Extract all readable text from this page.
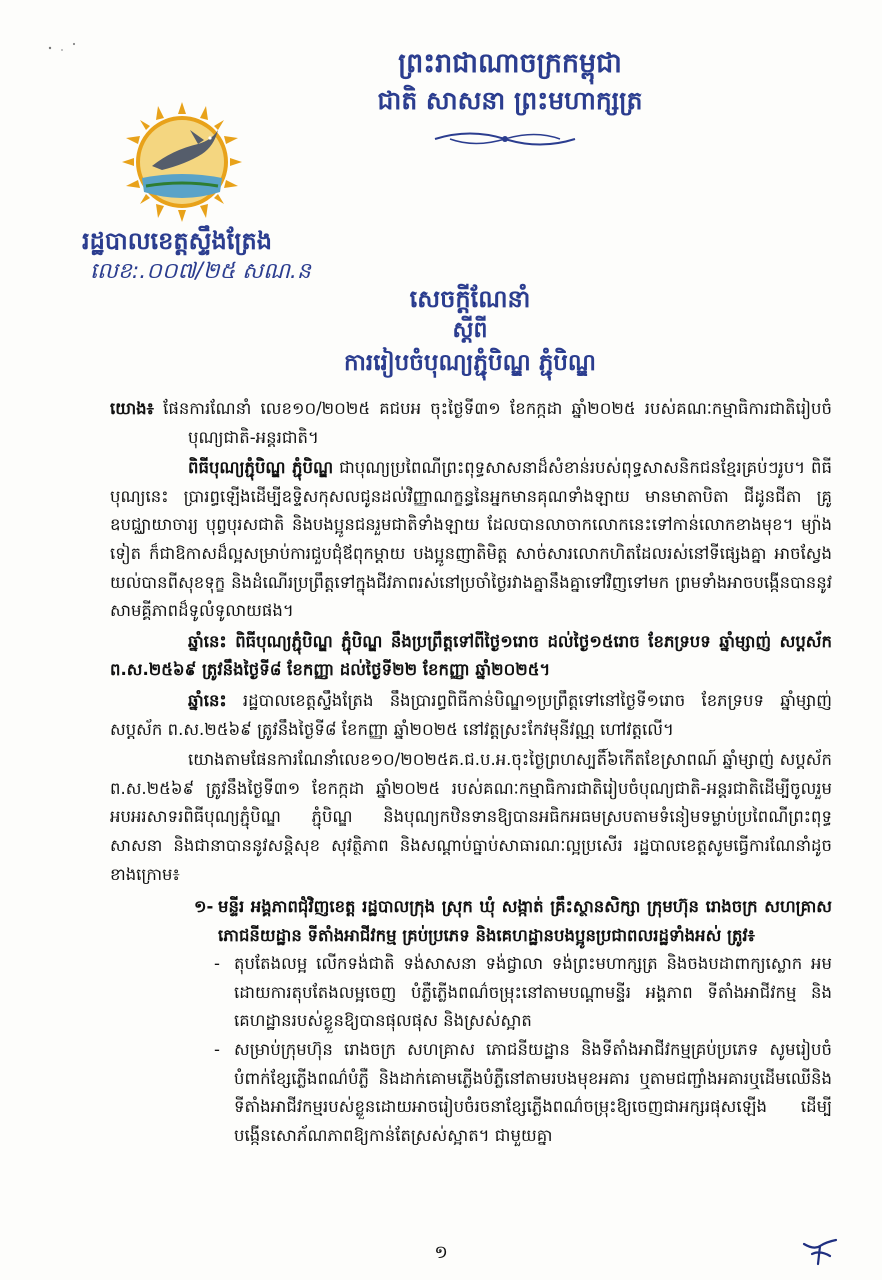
ព្រះរាជាណាចក្រកម្ពុជា
ជាតិ សាសនា ព្រះមហាក្សត្រ
រដ្ឋបាលខេត្តស្ទឹងត្រែង
លេខ:.០០៧/២៥ សណ.ន
សេចក្តីណែនាំ
ស្តីពី
ការរៀបចំបុណ្យភ្ជុំបិណ្ឌ ភ្ជុំបិណ្ឌ
យោង៖ ផែនការណែនាំ លេខ១០/២០២៥ គជបអ ចុះថ្ងៃទី៣១ ខែកក្កដា ឆ្នាំ២០២៥ របស់គណៈកម្មាធិការជាតិរៀបចំបុណ្យជាតិ-អន្តរជាតិ។
ពិធីបុណ្យភ្ជុំបិណ្ឌ ភ្ជុំបិណ្ឌ ជាបុណ្យប្រពៃណីព្រះពុទ្ធសាសនាដ៏សំខាន់របស់ពុទ្ធសាសនិកជនខ្មែរគ្រប់ៗរូប។ ពិធីបុណ្យនេះ ប្រារព្ធឡើងដើម្បីឧទ្ទិសកុសលជូនដល់វិញ្ញាណក្ខន្ធនៃអ្នកមានគុណទាំងឡាយ មានមាតាបិតា ជីដូនជីតា គ្រូឧបជ្ឈាយាចារ្យ បុព្វបុរសជាតិ និងបងប្អូនជនរួមជាតិទាំងឡាយ ដែលបានលាចាកលោកនេះទៅកាន់លោកខាងមុខ។ ម្យ៉ាងទៀត ក៏ជាឱកាសដ៏ល្អសម្រាប់ការជួបជុំឪពុកម្តាយ បងប្អូនញាតិមិត្ត សាច់សារលោកហិតដែលរស់នៅទីផ្សេងគ្នា អាចស្វែងយល់បានពីសុខទុក្ខ និងដំណើរប្រព្រឹត្តទៅក្នុងជីវភាពរស់នៅប្រចាំថ្ងៃរវាងគ្នានឹងគ្នាទៅវិញទៅមក ព្រមទាំងអាចបង្កើនបាននូវសាមគ្គីភាពដ៏ទូលំទូលាយផង។
ឆ្នាំនេះ ពិធីបុណ្យភ្ជុំបិណ្ឌ ភ្ជុំបិណ្ឌ នឹងប្រព្រឹត្តទៅពីថ្ងៃ១រោច ដល់ថ្ងៃ១៥រោច ខែភទ្របទ ឆ្នាំម្សាញ់ សប្តស័ក ព.ស.២៥៦៩ ត្រូវនឹងថ្ងៃទី៨ ខែកញ្ញា ដល់ថ្ងៃទី២២ ខែកញ្ញា ឆ្នាំ២០២៥។
ឆ្នាំនេះ រដ្ឋបាលខេត្តស្ទឹងត្រែង នឹងប្រារព្ធពិធីកាន់បិណ្ឌ១ប្រព្រឹត្តទៅនៅថ្ងៃទី១រោច ខែភទ្របទ ឆ្នាំម្សាញ់ សប្តស័ក ព.ស.២៥៦៩ ត្រូវនឹងថ្ងៃទី៨ ខែកញ្ញា ឆ្នាំ២០២៥ នៅវត្តស្រះកែវមុនីវណ្ណ ហៅវត្តលើ។
យោងតាមផែនការណែនាំលេខ១០/២០២៥គ.ជ.ប.អ.ចុះថ្ងៃព្រហស្បតិ៍៦កើតខែស្រាពណ៍ ឆ្នាំម្សាញ់ សប្តស័ក ព.ស.២៥៦៩ ត្រូវនឹងថ្ងៃទី៣១ ខែកក្កដា ឆ្នាំ២០២៥ របស់គណៈកម្មាធិការជាតិរៀបចំបុណ្យជាតិ-អន្តរជាតិដើម្បីចូលរួមអបអរសាទរពិធីបុណ្យភ្ជុំបិណ្ឌ ភ្ជុំបិណ្ឌ និងបុណ្យកឋិនទានឱ្យបានអធិកអធមស្របតាមទំនៀមទម្លាប់ប្រពៃណីព្រះពុទ្ធសាសនា និងជានាបាននូវសន្តិសុខ សុវត្ថិភាព និងសណ្តាប់ធ្នាប់សាធារណៈល្អប្រសើរ រដ្ឋបាលខេត្តសូមធ្វើការណែនាំដូចខាងក្រោម៖
១- មន្ទីរ អង្គភាពជុំវិញខេត្ត រដ្ឋបាលក្រុង ស្រុក ឃុំ សង្កាត់ គ្រឹះស្ថានសិក្សា ក្រុមហ៊ុន រោងចក្រ សហគ្រាស ភោជនីយដ្ឋាន ទីតាំងអាជីវកម្ម គ្រប់ប្រភេទ និងគេហដ្ឋានបងប្អូនប្រជាពលរដ្ឋទាំងអស់ ត្រូវ៖
- តុបតែងលម្អ លើកទង់ជាតិ ទង់សាសនា ទង់ជ្វាលា ទង់ព្រះមហាក្សត្រ និងចងបដាពាក្យស្លោក អមដោយការតុបតែងលម្អចេញ បំភ្លឺភ្លើងពណ៌ចម្រុះនៅតាមបណ្តាមន្ទីរ អង្គភាព ទីតាំងអាជីវកម្ម និងគេហដ្ឋានរបស់ខ្លួនឱ្យបានផុលផុស និងស្រស់ស្អាត
- សម្រាប់ក្រុមហ៊ុន រោងចក្រ សហគ្រាស ភោជនីយដ្ឋាន និងទីតាំងអាជីវកម្មគ្រប់ប្រភេទ សូមរៀបចំបំពាក់ខ្សែភ្លើងពណ៌បំភ្លឺ និងដាក់គោមភ្លើងបំភ្លឺនៅតាមរបងមុខអគារ ឬតាមជញ្ជាំងអគារឬដើមឈើនិងទីតាំងអាជីវកម្មរបស់ខ្លួនដោយអាចរៀបចំរចនាខ្សែភ្លើងពណ៌ចម្រុះឱ្យចេញជាអក្សរផុសឡើង ដើម្បីបង្កើនសោភ័ណភាពឱ្យកាន់តែស្រស់ស្អាត។ ជាមួយគ្នា
១
